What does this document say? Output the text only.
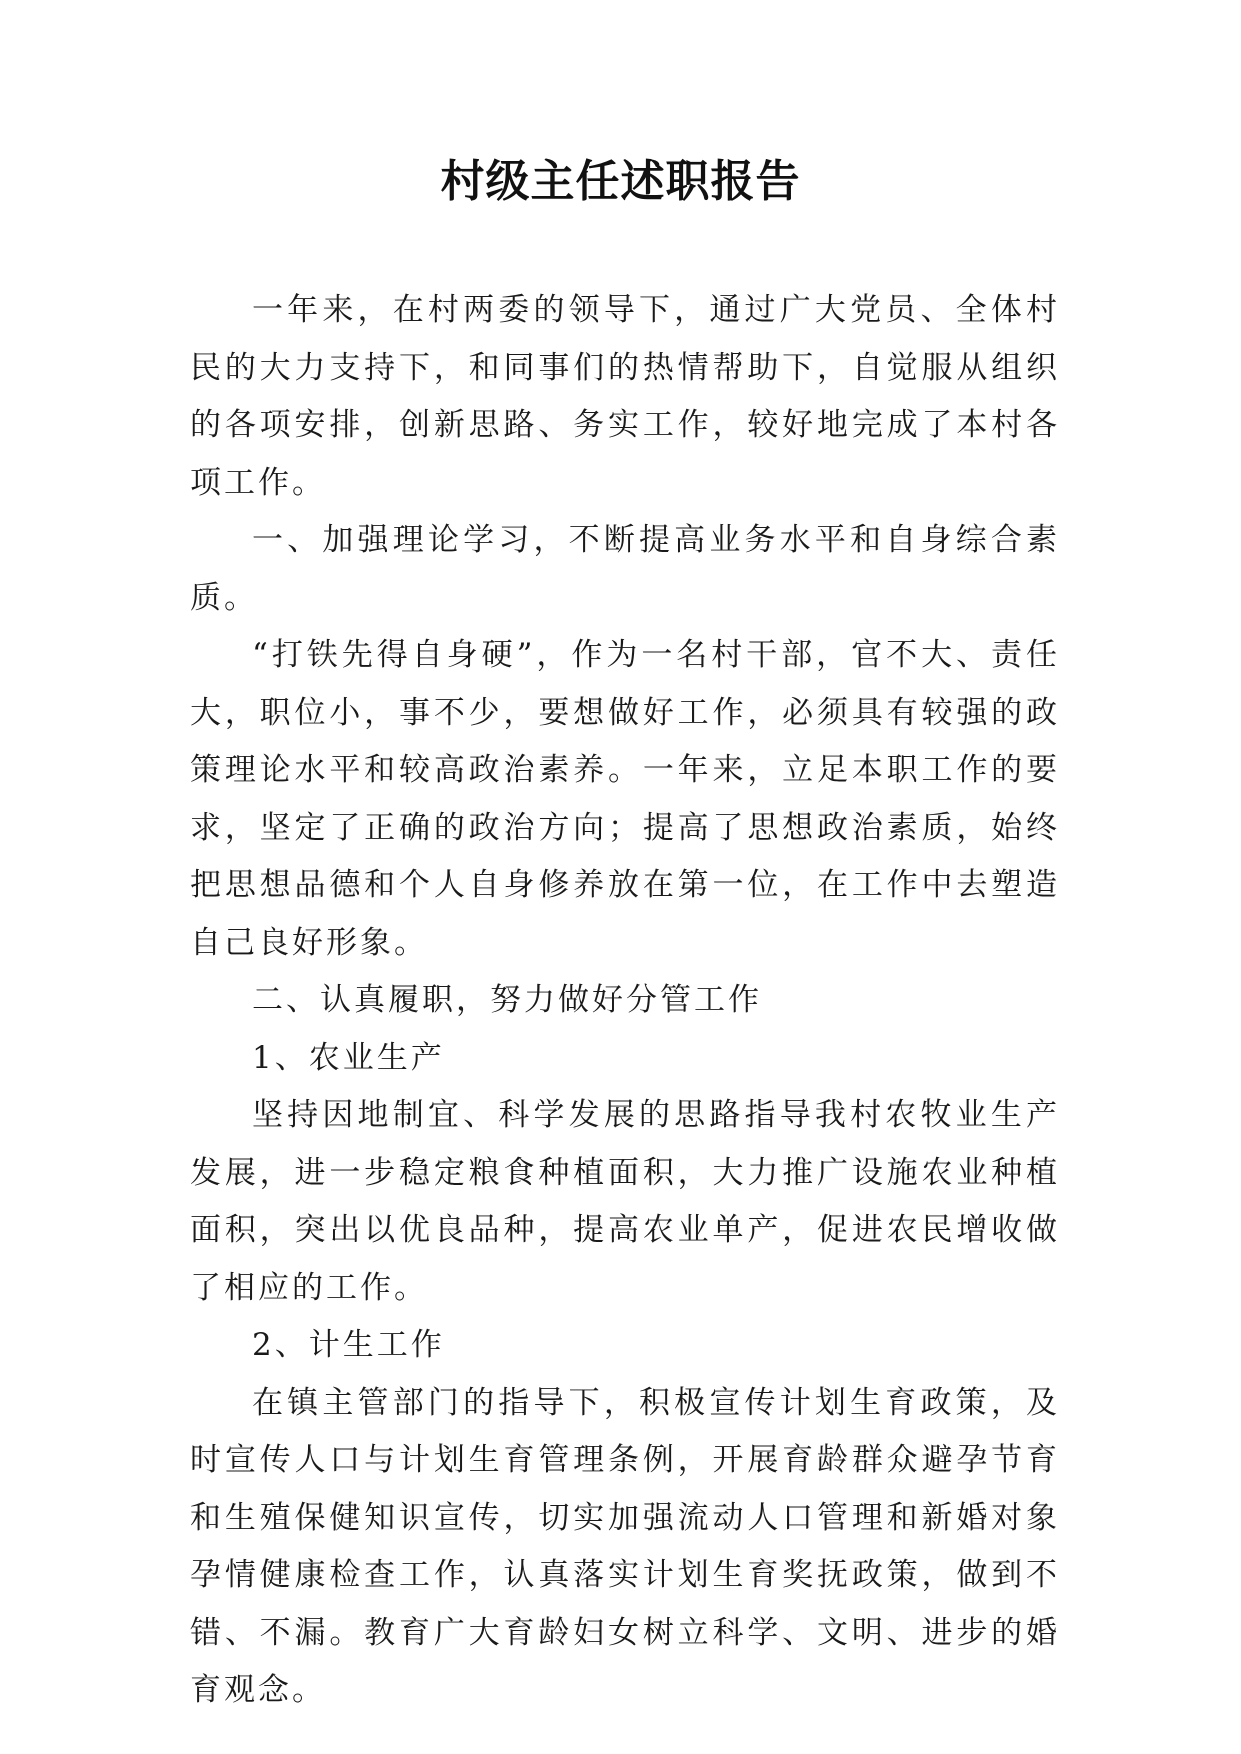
村级主任述职报告

一年来，在村两委的领导下，通过广大党员、全体村民的大力支持下，和同事们的热情帮助下，自觉服从组织的各项安排，创新思路、务实工作，较好地完成了本村各项工作。

一、加强理论学习，不断提高业务水平和自身综合素质。

“打铁先得自身硬”，作为一名村干部，官不大、责任大，职位小，事不少，要想做好工作，必须具有较强的政策理论水平和较高政治素养。一年来，立足本职工作的要求，坚定了正确的政治方向；提高了思想政治素质，始终把思想品德和个人自身修养放在第一位，在工作中去塑造自己良好形象。

二、认真履职，努力做好分管工作

1、农业生产

坚持因地制宜、科学发展的思路指导我村农牧业生产发展，进一步稳定粮食种植面积，大力推广设施农业种植面积，突出以优良品种，提高农业单产，促进农民增收做了相应的工作。

2、计生工作

在镇主管部门的指导下，积极宣传计划生育政策，及时宣传人口与计划生育管理条例，开展育龄群众避孕节育和生殖保健知识宣传，切实加强流动人口管理和新婚对象孕情健康检查工作，认真落实计划生育奖抚政策，做到不错、不漏。教育广大育龄妇女树立科学、文明、进步的婚育观念。
